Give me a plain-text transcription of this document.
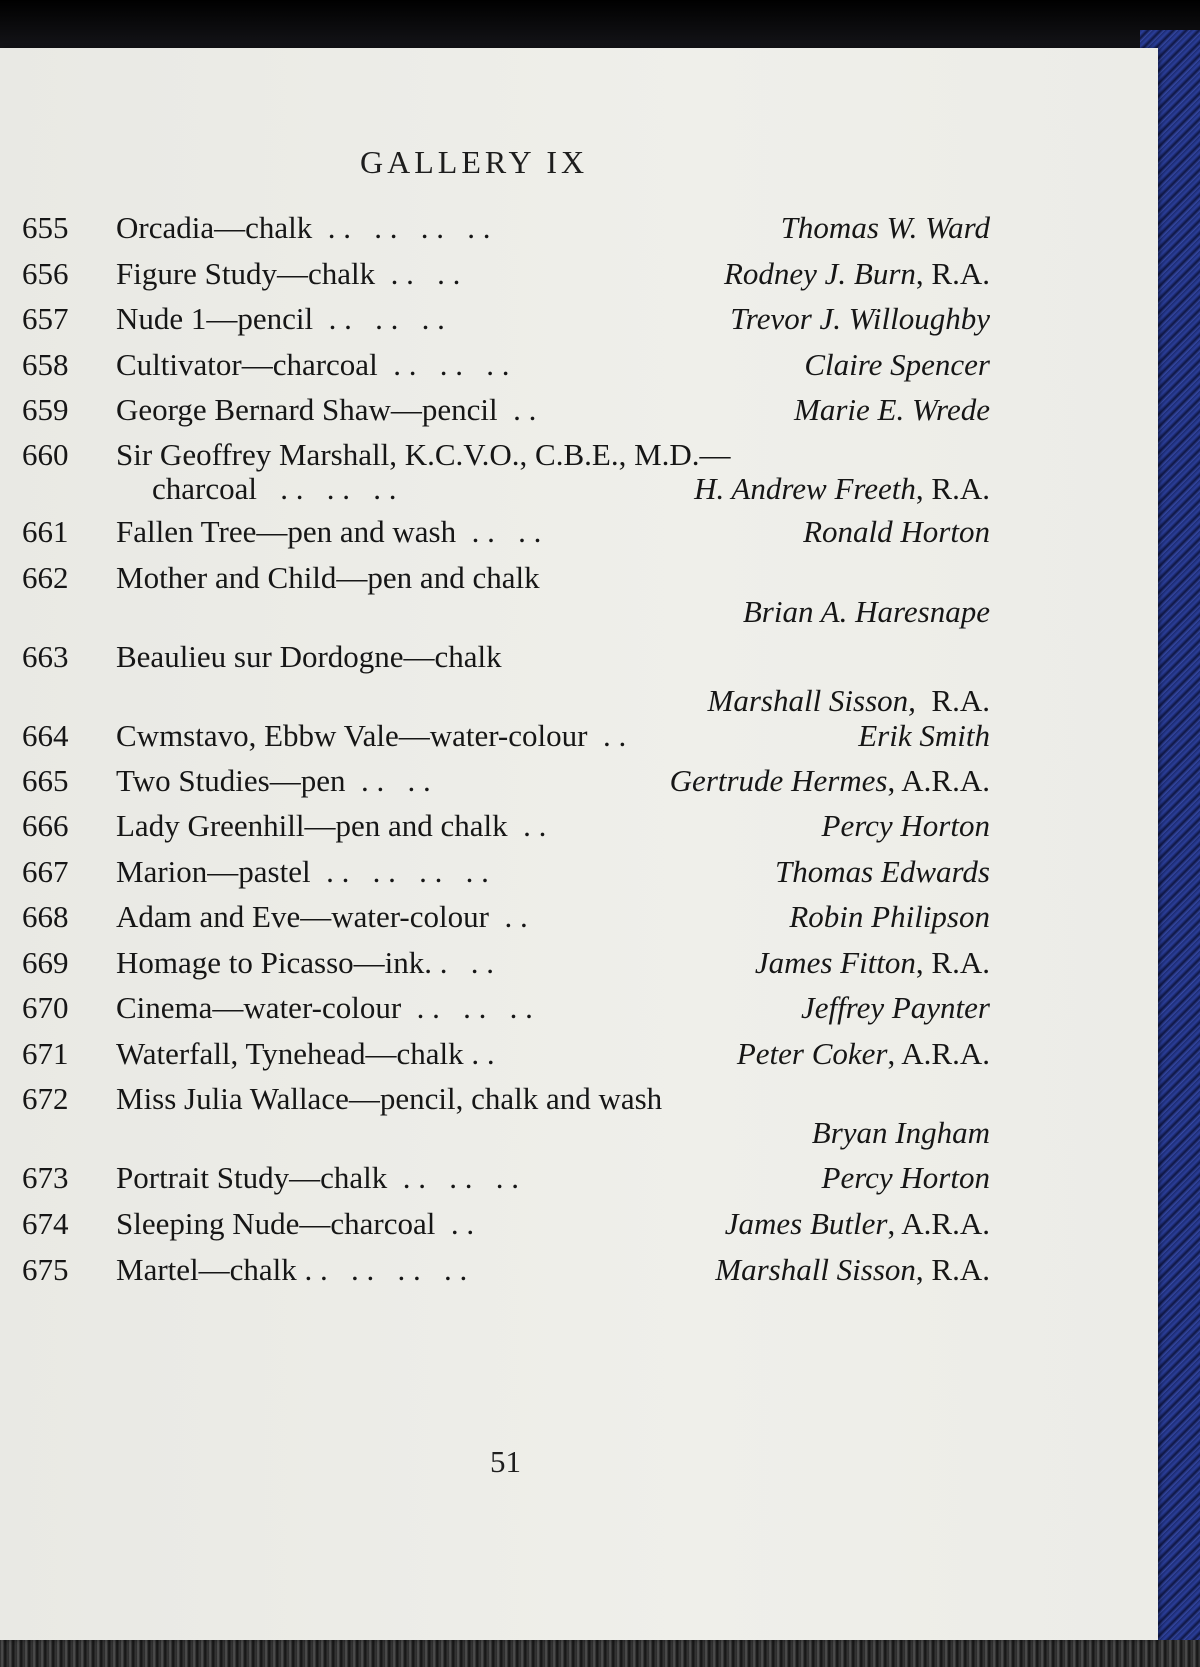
GALLERY IX
655 Orcadia—chalk  . .   . .   . .   . .	Thomas W. Ward
656 Figure Study—chalk  . .   . .	Rodney J. Burn, R.A.
657 Nude 1—pencil  . .   . .   . .	Trevor J. Willoughby
658 Cultivator—charcoal  . .   . .   . .	Claire Spencer
659 George Bernard Shaw—pencil  . .	Marie E. Wrede
660 Sir Geoffrey Marshall, K.C.V.O., C.B.E., M.D.—
charcoal   . .   . .   . .	H. Andrew Freeth, R.A.
661 Fallen Tree—pen and wash  . .   . .	Ronald Horton
662 Mother and Child—pen and chalk
Brian A. Haresnape
663 Beaulieu sur Dordogne—chalk
Marshall Sisson,  R.A.
664 Cwmstavo, Ebbw Vale—water-colour  . .	Erik Smith
665 Two Studies—pen  . .   . .	Gertrude Hermes, A.R.A.
666 Lady Greenhill—pen and chalk  . .	Percy Horton
667 Marion—pastel  . .   . .   . .   . .	Thomas Edwards
668 Adam and Eve—water-colour  . .	Robin Philipson
669 Homage to Picasso—ink. .   . .	James Fitton, R.A.
670 Cinema—water-colour  . .   . .   . .	Jeffrey Paynter
671 Waterfall, Tynehead—chalk . .	Peter Coker, A.R.A.
672 Miss Julia Wallace—pencil, chalk and wash
Bryan Ingham
673 Portrait Study—chalk  . .   . .   . .	Percy Horton
674 Sleeping Nude—charcoal  . .	James Butler, A.R.A.
675 Martel—chalk . .   . .   . .   . .	Marshall Sisson, R.A.
51
